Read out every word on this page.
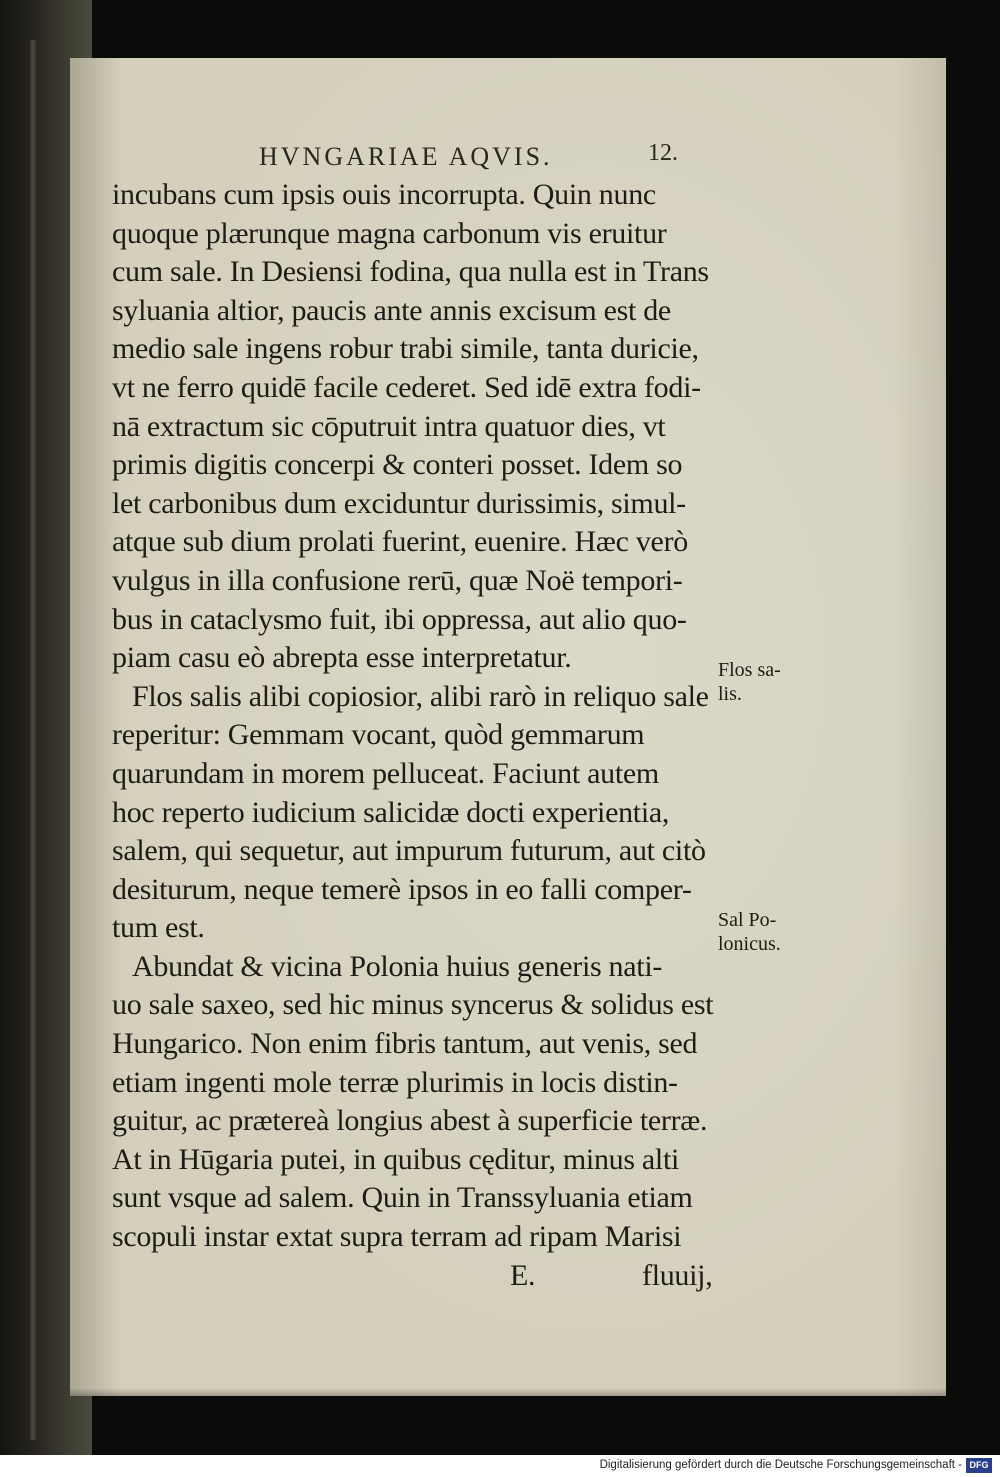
HVNGARIAE AQVIS.	12.
incubans cum ipsis ouis incorrupta. Quin nunc
quoque plærunque magna carbonum vis eruitur
cum sale. In Desiensi fodina, qua nulla est in Trans
syluania altior, paucis ante annis excisum est de
medio sale ingens robur trabi simile, tanta duricie,
vt ne ferro quidē facile cederet. Sed idē extra fodi-
nā extractum sic cōputruit intra quatuor dies, vt
primis digitis concerpi & conteri posset. Idem so
let carbonibus dum exciduntur durissimis, simul-
atque sub dium prolati fuerint, euenire. Hæc verò
vulgus in illa confusione rerū, quæ Noë tempori-
bus in cataclysmo fuit, ibi oppressa, aut alio quo-
piam casu eò abrepta esse interpretatur.
Flos salis alibi copiosior, alibi rarò in reliquo sale
reperitur: Gemmam vocant, quòd gemmarum
quarundam in morem pelluceat. Faciunt autem
hoc reperto iudicium salicidæ docti experientia,
salem, qui sequetur, aut impurum futurum, aut citò
desiturum, neque temerè ipsos in eo falli comper-
tum est.
Abundat & vicina Polonia huius generis nati-
uo sale saxeo, sed hic minus syncerus & solidus est
Hungarico. Non enim fibris tantum, aut venis, sed
etiam ingenti mole terræ plurimis in locis distin-
guitur, ac prætereà longius abest à superficie terræ.
At in Hūgaria putei, in quibus cęditur, minus alti
sunt vsque ad salem. Quin in Transsyluania etiam
scopuli instar extat supra terram ad ripam Marisi
E.	fluuij,
Flos sa-
lis.
Sal Po-
lonicus.
Digitalisierung gefördert durch die Deutsche Forschungsgemeinschaft - DFG
